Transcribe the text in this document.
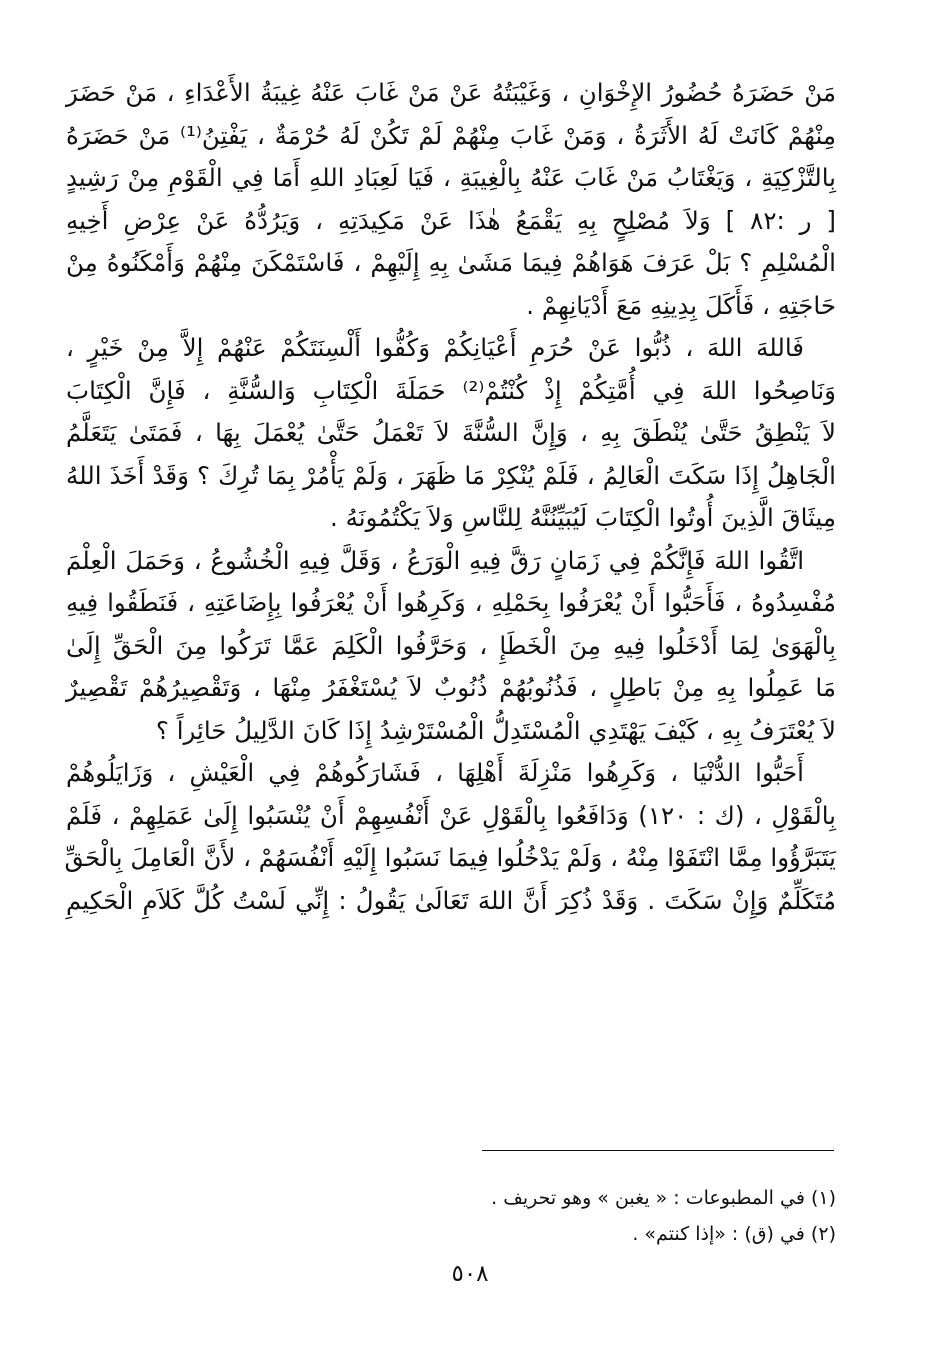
مَنْ حَضَرَهُ حُضُورُ الإِخْوَانِ ، وَغَيْبَتُهُ عَنْ مَنْ غَابَ عَنْهُ غِيبَةُ الأَعْدَاءِ ، مَنْ حَضَرَ
مِنْهُمْ كَانَتْ لَهُ الأَثَرَةُ ، وَمَنْ غَابَ مِنْهُمْ لَمْ تَكُنْ لَهُ حُرْمَةٌ ، يَفْتِنُ⁽¹⁾ مَنْ حَضَرَهُ
بِالتَّزْكِيَةِ ، وَيَغْتَابُ مَنْ غَابَ عَنْهُ بِالْغِيبَةِ ، فَيَا لَعِبَادِ اللهِ أَمَا فِي الْقَوْمِ مِنْ رَشِيدٍ
[ ر :٨٢ ] وَلاَ مُصْلِحٍ بِهِ يَقْمَعُ هٰذَا عَنْ مَكِيدَتِهِ ، وَيَرُدُّهُ عَنْ عِرْضِ أَخِيهِ
الْمُسْلِمِ ؟ بَلْ عَرَفَ هَوَاهُمْ فِيمَا مَشَىٰ بِهِ إِلَيْهِمْ ، فَاسْتَمْكَنَ مِنْهُمْ وَأَمْكَنُوهُ مِنْ
حَاجَتِهِ ، فَأَكَلَ بِدِينِهِ مَعَ أَدْيَانِهِمْ .
فَاللهَ اللهَ ، ذُبُّوا عَنْ حُرَمِ أَعْيَانِكُمْ وَكُفُّوا أَلْسِنَتَكُمْ عَنْهُمْ إِلاَّ مِنْ خَيْرٍ ،
وَنَاصِحُوا اللهَ فِي أُمَّتِكُمْ إِذْ كُنْتُمْ⁽²⁾ حَمَلَةَ الْكِتَابِ وَالسُّنَّةِ ، فَإِنَّ الْكِتَابَ
لاَ يَنْطِقُ حَتَّىٰ يُنْطَقَ بِهِ ، وَإِنَّ السُّنَّةَ لاَ تَعْمَلُ حَتَّىٰ يُعْمَلَ بِهَا ، فَمَتَىٰ يَتَعَلَّمُ
الْجَاهِلُ إِذَا سَكَتَ الْعَالِمُ ، فَلَمْ يُنْكِرْ مَا ظَهَرَ ، وَلَمْ يَأْمُرْ بِمَا تُرِكَ ؟ وَقَدْ أَخَذَ اللهُ
مِيثَاقَ الَّذِينَ أُوتُوا الْكِتَابَ لَيُبَيِّنُنَّهُ لِلنَّاسِ وَلاَ يَكْتُمُونَهُ .
اتَّقُوا اللهَ فَإِنَّكُمْ فِي زَمَانٍ رَقَّ فِيهِ الْوَرَعُ ، وَقَلَّ فِيهِ الْخُشُوعُ ، وَحَمَلَ الْعِلْمَ
مُفْسِدُوهُ ، فَأَحَبُّوا أَنْ يُعْرَفُوا بِحَمْلِهِ ، وَكَرِهُوا أَنْ يُعْرَفُوا بِإِضَاعَتِهِ ، فَنَطَقُوا فِيهِ
بِالْهَوَىٰ لِمَا أَدْخَلُوا فِيهِ مِنَ الْخَطَإِ ، وَحَرَّفُوا الْكَلِمَ عَمَّا تَرَكُوا مِنَ الْحَقِّ إِلَىٰ
مَا عَمِلُوا بِهِ مِنْ بَاطِلٍ ، فَذُنُوبُهُمْ ذُنُوبٌ لاَ يُسْتَغْفَرُ مِنْهَا ، وَتَقْصِيرُهُمْ تَقْصِيرٌ
لاَ يُعْتَرَفُ بِهِ ، كَيْفَ يَهْتَدِي الْمُسْتَدِلُّ الْمُسْتَرْشِدُ إِذَا كَانَ الدَّلِيلُ حَائِراً ؟
أَحَبُّوا الدُّنْيَا ، وَكَرِهُوا مَنْزِلَةَ أَهْلِهَا ، فَشَارَكُوهُمْ فِي الْعَيْشِ ، وَزَايَلُوهُمْ
بِالْقَوْلِ ، (ك : ١٢٠) وَدَافَعُوا بِالْقَوْلِ عَنْ أَنْفُسِهِمْ أَنْ يُنْسَبُوا إِلَىٰ عَمَلِهِمْ ، فَلَمْ
يَتَبَرَّؤُوا مِمَّا انْتَفَوْا مِنْهُ ، وَلَمْ يَدْخُلُوا فِيمَا نَسَبُوا إِلَيْهِ أَنْفُسَهُمْ ، لأَنَّ الْعَامِلَ بِالْحَقِّ
مُتَكَلِّمٌ وَإِنْ سَكَتَ . وَقَدْ ذُكِرَ أَنَّ اللهَ تَعَالَىٰ يَقُولُ : إِنِّي لَسْتُ كُلَّ كَلاَمِ الْحَكِيمِ
(١) في المطبوعات : « يغبن » وهو تحريف .
(٢) في (ق) : «إذا كنتم» .
٥٠٨
